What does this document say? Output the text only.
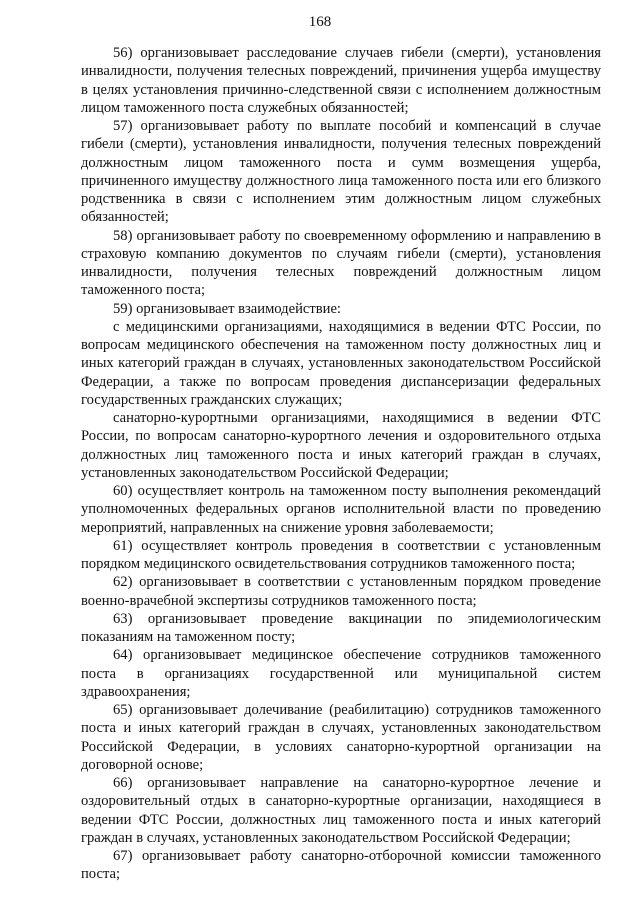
168

56) организовывает расследование случаев гибели (смерти), установления инвалидности, получения телесных повреждений, причинения ущерба имуществу в целях установления причинно-следственной связи с исполнением должностным лицом таможенного поста служебных обязанностей;

57) организовывает работу по выплате пособий и компенсаций в случае гибели (смерти), установления инвалидности, получения телесных повреждений должностным лицом таможенного поста и сумм возмещения ущерба, причиненного имуществу должностного лица таможенного поста или его близкого родственника в связи с исполнением этим должностным лицом служебных обязанностей;

58) организовывает работу по своевременному оформлению и направлению в страховую компанию документов по случаям гибели (смерти), установления инвалидности, получения телесных повреждений должностным лицом таможенного поста;

59) организовывает взаимодействие:

с медицинскими организациями, находящимися в ведении ФТС России, по вопросам медицинского обеспечения на таможенном посту должностных лиц и иных категорий граждан в случаях, установленных законодательством Российской Федерации, а также по вопросам проведения диспансеризации федеральных государственных гражданских служащих;

санаторно-курортными организациями, находящимися в ведении ФТС России, по вопросам санаторно-курортного лечения и оздоровительного отдыха должностных лиц таможенного поста и иных категорий граждан в случаях, установленных законодательством Российской Федерации;

60) осуществляет контроль на таможенном посту выполнения рекомендаций уполномоченных федеральных органов исполнительной власти по проведению мероприятий, направленных на снижение уровня заболеваемости;

61) осуществляет контроль проведения в соответствии с установленным порядком медицинского освидетельствования сотрудников таможенного поста;

62) организовывает в соответствии с установленным порядком проведение военно-врачебной экспертизы сотрудников таможенного поста;

63) организовывает проведение вакцинации по эпидемиологическим показаниям на таможенном посту;

64) организовывает медицинское обеспечение сотрудников таможенного поста в организациях государственной или муниципальной систем здравоохранения;

65) организовывает долечивание (реабилитацию) сотрудников таможенного поста и иных категорий граждан в случаях, установленных законодательством Российской Федерации, в условиях санаторно-курортной организации на договорной основе;

66) организовывает направление на санаторно-курортное лечение и оздоровительный отдых в санаторно-курортные организации, находящиеся в ведении ФТС России, должностных лиц таможенного поста и иных категорий граждан в случаях, установленных законодательством Российской Федерации;

67) организовывает работу санаторно-отборочной комиссии таможенного поста;
